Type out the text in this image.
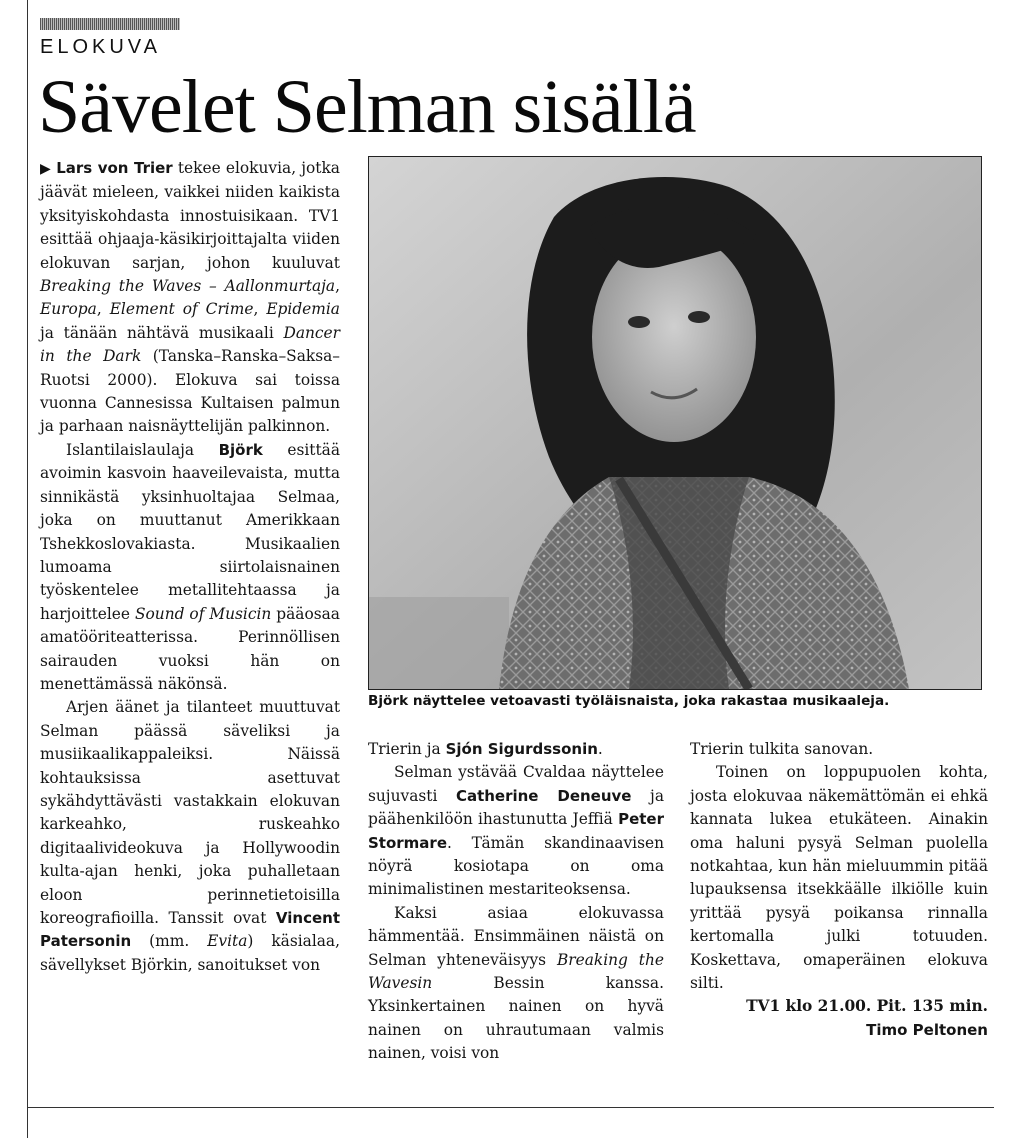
ELOKUVA
Sävelet Selman sisällä

▶ Lars von Trier tekee elokuvia, jotka jäävät mieleen, vaikkei niiden kaikista yksityiskohdasta innostuisikaan. TV1 esittää ohjaaja-käsikirjoittajalta viiden elokuvan sarjan, johon kuuluvat Breaking the Waves – Aallonmurtaja, Europa, Element of Crime, Epidemia ja tänään nähtävä musikaali Dancer in the Dark (Tanska–Ranska–Saksa–Ruotsi 2000). Elokuva sai toissa vuonna Cannesissa Kultaisen palmun ja parhaan naisnäyttelijän palkinnon.

Islantilaislaulaja Björk esittää avoimin kasvoin haaveilevaista, mutta sinnikästä yksinhuoltajaa Selmaa, joka on muuttanut Amerikkaan Tshekkoslovakiasta. Musikaalien lumoama siirtolaisnainen työskentelee metallitehtaassa ja harjoittelee Sound of Musicin pääosaa amatööriteatterissa. Perinnöllisen sairauden vuoksi hän on menettämässä näkönsä.

Arjen äänet ja tilanteet muuttuvat Selman päässä säveliksi ja musiikaalikappaleiksi. Näissä kohtauksissa asettuvat sykähdyttävästi vastakkain elokuvan karkeahko, ruskeahko digitaalivideokuva ja Hollywoodin kulta-ajan henki, joka puhalletaan eloon perinnetietoisilla koreografioilla. Tanssit ovat Vincent Patersonin (mm. Evita) käsialaa, sävellykset Björkin, sanoitukset von

Björk näyttelee vetoavasti työläisnaista, joka rakastaa musikaaleja.

Trierin ja Sjón Sigurdssonin.

Selman ystävää Cvaldaa näyttelee sujuvasti Catherine Deneuve ja päähenkilöön ihastunutta Jeffiä Peter Stormare. Tämän skandinaavisen nöyrä kosiotapa on oma minimalistinen mestariteoksensa.

Kaksi asiaa elokuvassa hämmentää. Ensimmäinen näistä on Selman yhteneväisyys Breaking the Wavesin Bessin kanssa. Yksinkertainen nainen on hyvä nainen on uhrautumaan valmis nainen, voisi von

Trierin tulkita sanovan.

Toinen on loppupuolen kohta, josta elokuvaa näkemättömän ei ehkä kannata lukea etukäteen. Ainakin oma haluni pysyä Selman puolella notkahtaa, kun hän mieluummin pitää lupauksensa itsekkäälle ilkiölle kuin yrittää pysyä poikansa rinnalla kertomalla julki totuuden. Koskettava, omaperäinen elokuva silti.

TV1 klo 21.00. Pit. 135 min.

Timo Peltonen
